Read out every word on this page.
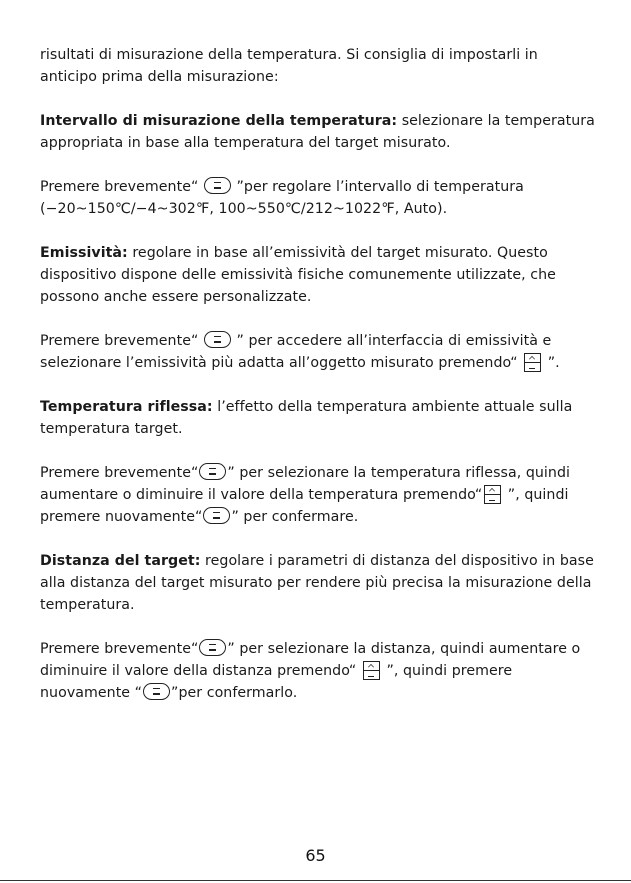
risultati di misurazione della temperatura. Si consiglia di impostarli in
anticipo prima della misurazione:
Intervallo di misurazione della temperatura: selezionare la temperatura
appropriata in base alla temperatura del target misurato.
Premere brevemente“  ”per regolare l’intervallo di temperatura
(−20~150℃/−4~302℉, 100~550℃/212~1022℉, Auto).
Emissività: regolare in base all’emissività del target misurato. Questo
dispositivo dispone delle emissività fisiche comunemente utilizzate, che
possono anche essere personalizzate.
Premere brevemente“  ” per accedere all’interfaccia di emissività e
selezionare l’emissività più adatta all’oggetto misurato premendo“
”.
Temperatura riflessa: l’effetto della temperatura ambiente attuale sulla
temperatura target.
Premere brevemente“ ” per selezionare la temperatura riflessa, quindi
aumentare o diminuire il valore della temperatura premendo“
”, quindi
premere nuovamente“ ” per confermare.
Distanza del target: regolare i parametri di distanza del dispositivo in base
alla distanza del target misurato per rendere più precisa la misurazione della
temperatura.
Premere brevemente“ ” per selezionare la distanza, quindi aumentare o
diminuire il valore della distanza premendo“
”, quindi premere
nuovamente “ ”per confermarlo.
65
